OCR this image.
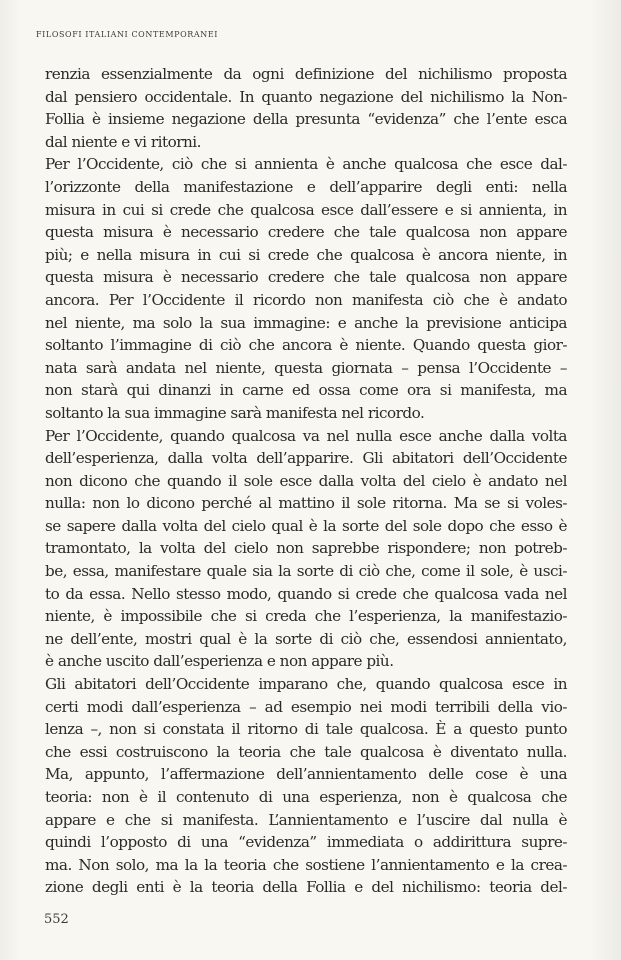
FILOSOFI ITALIANI CONTEMPORANEI
renzia essenzialmente da ogni definizione del nichilismo proposta
dal pensiero occidentale. In quanto negazione del nichilismo la Non-
Follia è insieme negazione della presunta “evidenza” che l’ente esca
dal niente e vi ritorni.
Per l’Occidente, ciò che si annienta è anche qualcosa che esce dal-
l’orizzonte della manifestazione e dell’apparire degli enti: nella
misura in cui si crede che qualcosa esce dall’essere e si annienta, in
questa misura è necessario credere che tale qualcosa non appare
più; e nella misura in cui si crede che qualcosa è ancora niente, in
questa misura è necessario credere che tale qualcosa non appare
ancora. Per l’Occidente il ricordo non manifesta ciò che è andato
nel niente, ma solo la sua immagine: e anche la previsione anticipa
soltanto l’immagine di ciò che ancora è niente. Quando questa gior-
nata sarà andata nel niente, questa giornata – pensa l’Occidente –
non starà qui dinanzi in carne ed ossa come ora si manifesta, ma
soltanto la sua immagine sarà manifesta nel ricordo.
Per l’Occidente, quando qualcosa va nel nulla esce anche dalla volta
dell’esperienza, dalla volta dell’apparire. Gli abitatori dell’Occidente
non dicono che quando il sole esce dalla volta del cielo è andato nel
nulla: non lo dicono perché al mattino il sole ritorna. Ma se si voles-
se sapere dalla volta del cielo qual è la sorte del sole dopo che esso è
tramontato, la volta del cielo non saprebbe rispondere; non potreb-
be, essa, manifestare quale sia la sorte di ciò che, come il sole, è usci-
to da essa. Nello stesso modo, quando si crede che qualcosa vada nel
niente, è impossibile che si creda che l’esperienza, la manifestazio-
ne dell’ente, mostri qual è la sorte di ciò che, essendosi annientato,
è anche uscito dall’esperienza e non appare più.
Gli abitatori dell’Occidente imparano che, quando qualcosa esce in
certi modi dall’esperienza – ad esempio nei modi terribili della vio-
lenza –, non si constata il ritorno di tale qualcosa. È a questo punto
che essi costruiscono la teoria che tale qualcosa è diventato nulla.
Ma, appunto, l’affermazione dell’annientamento delle cose è una
teoria: non è il contenuto di una esperienza, non è qualcosa che
appare e che si manifesta. L’annientamento e l’uscire dal nulla è
quindi l’opposto di una “evidenza” immediata o addirittura supre-
ma. Non solo, ma la la teoria che sostiene l’annientamento e la crea-
zione degli enti è la teoria della Follia e del nichilismo: teoria del-
552
